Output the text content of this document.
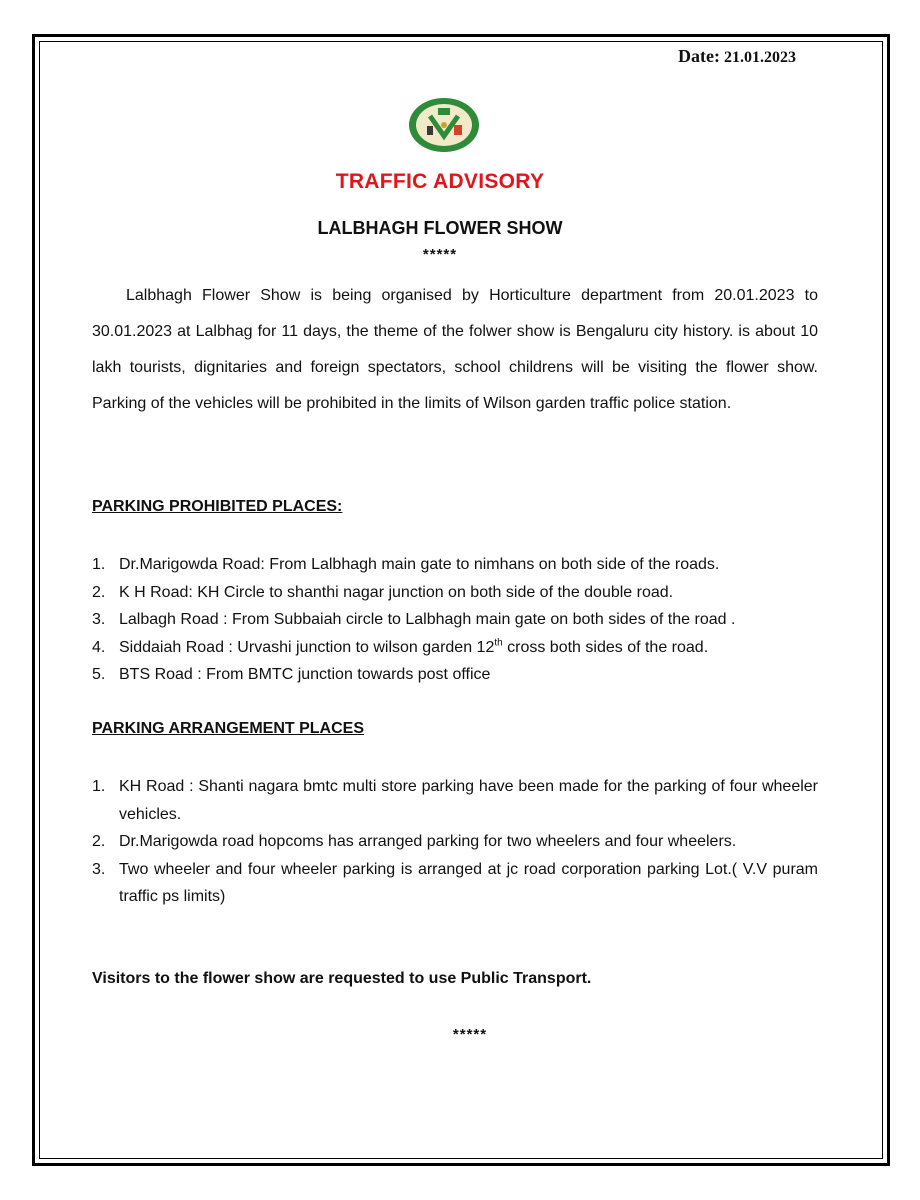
Date: 21.01.2023
TRAFFIC ADVISORY
LALBHAGH FLOWER SHOW
*****

Lalbhagh Flower Show is being organised by Horticulture department from 20.01.2023 to 30.01.2023 at Lalbhag for 11 days, the theme of the folwer show is Bengaluru city history. is about 10 lakh tourists, dignitaries and foreign spectators, school childrens will be visiting the flower show. Parking of the vehicles will be prohibited in the limits of Wilson garden traffic police station.

PARKING PROHIBITED PLACES:
1. Dr.Marigowda Road: From Lalbhagh main gate to nimhans on both side of the roads.
2. K H Road: KH Circle to shanthi nagar junction on both side of the double road.
3. Lalbagh Road : From Subbaiah circle to Lalbhagh main gate on both sides of the road .
4. Siddaiah Road : Urvashi junction to wilson garden 12th cross both sides of the road.
5. BTS Road : From BMTC junction towards post office
PARKING ARRANGEMENT PLACES
1. KH Road : Shanti nagara bmtc multi store parking have been made for the parking of four wheeler vehicles.
2. Dr.Marigowda road hopcoms has arranged parking for two wheelers and four wheelers.
3. Two wheeler and four wheeler parking is arranged at jc road corporation parking Lot.( V.V puram traffic ps limits)
Visitors to the flower show are requested to use Public Transport.
*****
